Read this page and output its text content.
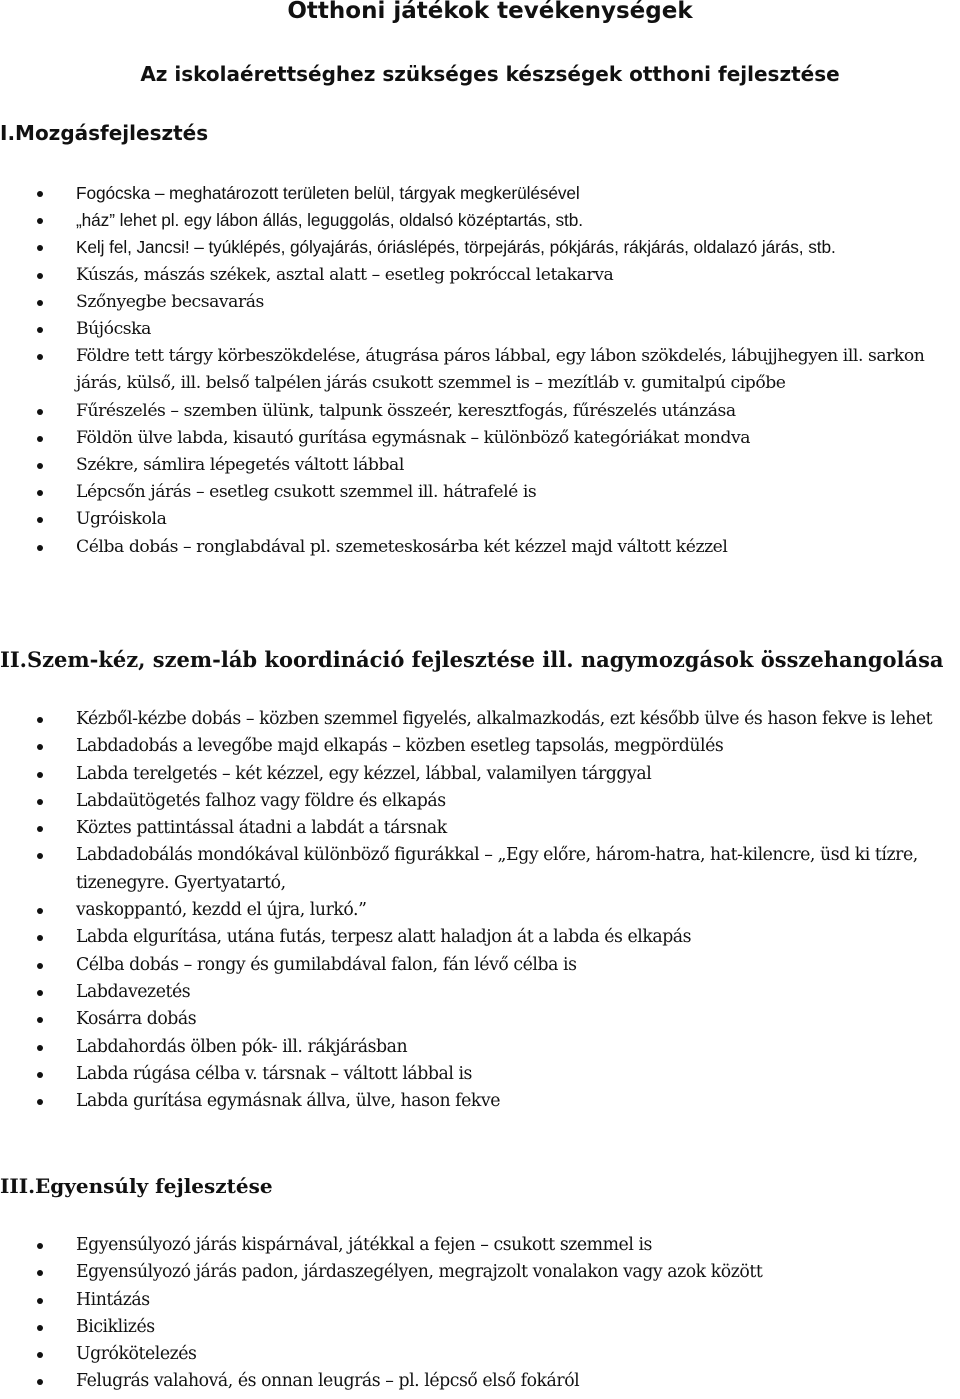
Otthoni játékok tevékenységek
Az iskolaérettséghez szükséges készségek otthoni fejlesztése
I.Mozgásfejlesztés
Fogócska – meghatározott területen belül, tárgyak megkerülésével
„ház” lehet pl. egy lábon állás, leguggolás, oldalsó középtartás, stb.
Kelj fel, Jancsi! – tyúklépés, gólyajárás, óriáslépés, törpejárás, pókjárás, rákjárás, oldalazó járás, stb.
Kúszás, mászás székek, asztal alatt – esetleg pokróccal letakarva
Szőnyegbe becsavarás
Bújócska
Földre tett tárgy körbeszökdelése, átugrása páros lábbal, egy lábon szökdelés, lábujjhegyen ill. sarkon járás, külső, ill. belső talpélen járás csukott szemmel is – mezítláb v. gumitalpú cipőbe
Fűrészelés – szemben ülünk, talpunk összeér, keresztfogás, fűrészelés utánzása
Földön ülve labda, kisautó gurítása egymásnak – különböző kategóriákat mondva
Székre, sámlira lépegetés váltott lábbal
Lépcsőn járás – esetleg csukott szemmel ill. hátrafelé is
Ugróiskola
Célba dobás – ronglabdával pl. szemeteskosárba két kézzel majd váltott kézzel
II.Szem-kéz, szem-láb koordináció fejlesztése ill. nagymozgások összehangolása
Kézből-kézbe dobás – közben szemmel figyelés, alkalmazkodás, ezt később ülve és hason fekve is lehet
Labdadobás a levegőbe majd elkapás – közben esetleg tapsolás, megpördülés
Labda terelgetés – két kézzel, egy kézzel, lábbal, valamilyen tárggyal
Labdaütögetés falhoz vagy földre és elkapás
Köztes pattintással átadni a labdát a társnak
Labdadobálás mondókával különböző figurákkal – „Egy előre, három-hatra, hat-kilencre, üsd ki tízre, tizenegyre. Gyertyatartó,
vaskoppantó, kezdd el újra, lurkó.”
Labda elgurítása, utána futás, terpesz alatt haladjon át a labda és elkapás
Célba dobás – rongy és gumilabdával falon, fán lévő célba is
Labdavezetés
Kosárra dobás
Labdahordás ölben pók- ill. rákjárásban
Labda rúgása célba v. társnak – váltott lábbal is
Labda gurítása egymásnak állva, ülve, hason fekve
III.Egyensúly fejlesztése
Egyensúlyozó járás kispárnával, játékkal a fejen – csukott szemmel is
Egyensúlyozó járás padon, járdaszegélyen, megrajzolt vonalakon vagy azok között
Hintázás
Biciklizés
Ugrókötelezés
Felugrás valahová, és onnan leugrás – pl. lépcső első fokáról
